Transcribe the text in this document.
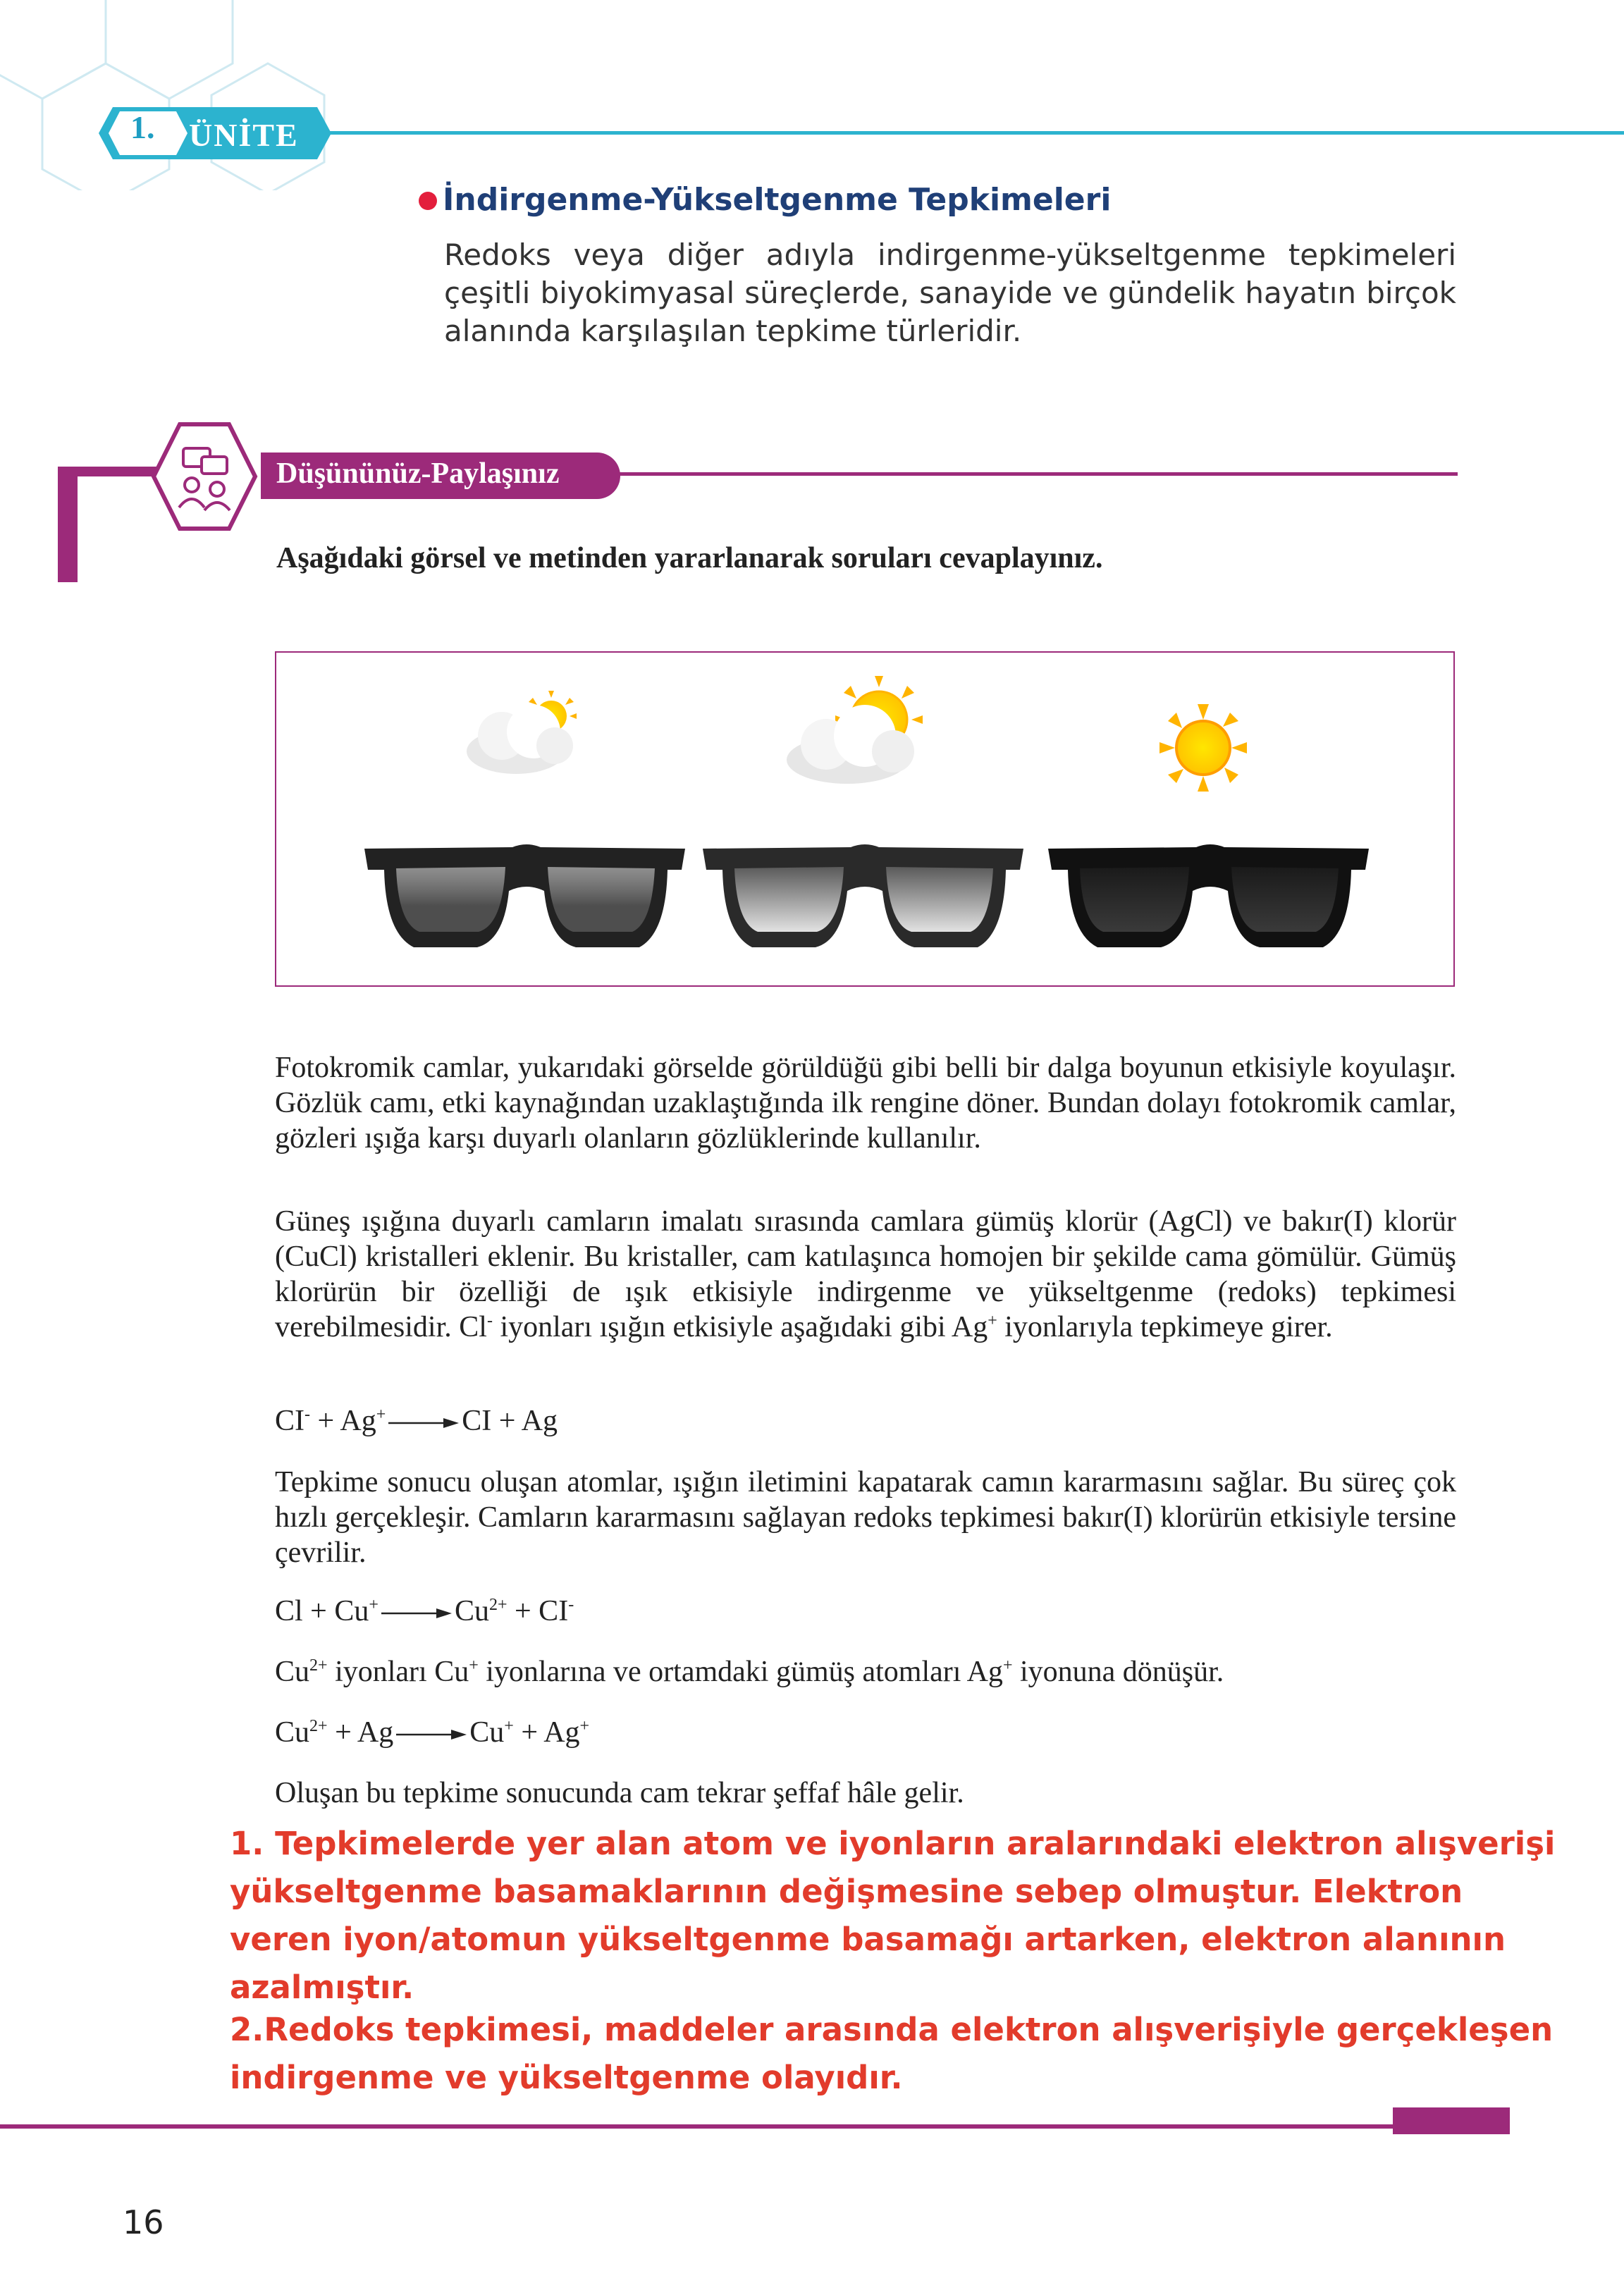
1. ÜNİTE
İndirgenme-Yükseltgenme Tepkimeleri
Redoks veya diğer adıyla indirgenme-yükseltgenme tepkimeleri çeşitli biyokimyasal süreçlerde, sanayide ve gündelik hayatın birçok alanında karşılaşılan tepkime türleridir.
Düşününüz-Paylaşınız
Aşağıdaki görsel ve metinden yararlanarak soruları cevaplayınız.
Fotokromik camlar, yukarıdaki görselde görüldüğü gibi belli bir dalga boyunun etkisiyle koyulaşır. Gözlük camı, etki kaynağından uzaklaştığında ilk rengine döner. Bundan dolayı fotokromik camlar, gözleri ışığa karşı duyarlı olanların gözlüklerinde kullanılır.
Güneş ışığına duyarlı camların imalatı sırasında camlara gümüş klorür (AgCl) ve bakır(I) klorür (CuCl) kristalleri eklenir. Bu kristaller, cam katılaşınca homojen bir şekilde cama gömülür. Gümüş klorürün bir özelliği de ışık etkisiyle indirgenme ve yükseltgenme (redoks) tepkimesi verebilmesidir. Cl- iyonları ışığın etkisiyle aşağıdaki gibi Ag+ iyonlarıyla tepkimeye girer.
CI- + Ag+ → CI + Ag
Tepkime sonucu oluşan atomlar, ışığın iletimini kapatarak camın kararmasını sağlar. Bu süreç çok hızlı gerçekleşir. Camların kararmasını sağlayan redoks tepkimesi bakır(I) klorürün etkisiyle tersine çevrilir.
$Cl + Cu^+ \to Cu^{2+} + CI^-$
$Cu^{2+}$ iyonları Cu+ iyonlarına ve ortamdaki gümüş atomları Ag+ iyonuna dönüşür.
$Cu^{2+} + Ag \to Cu^+ + Ag^+$
Oluşan bu tepkime sonucunda cam tekrar şeffaf hâle gelir.
1. Tepkimelerde yer alan atom ve iyonların aralarındaki elektron alışverişi yükseltgenme basamaklarının değişmesine sebep olmuştur. Elektron veren iyon/atomun yükseltgenme basamağı artarken, elektron alanının azalmıştır.
2.Redoks tepkimesi, maddeler arasında elektron alışverişiyle gerçekleşen indirgenme ve yükseltgenme olayıdır.
16
